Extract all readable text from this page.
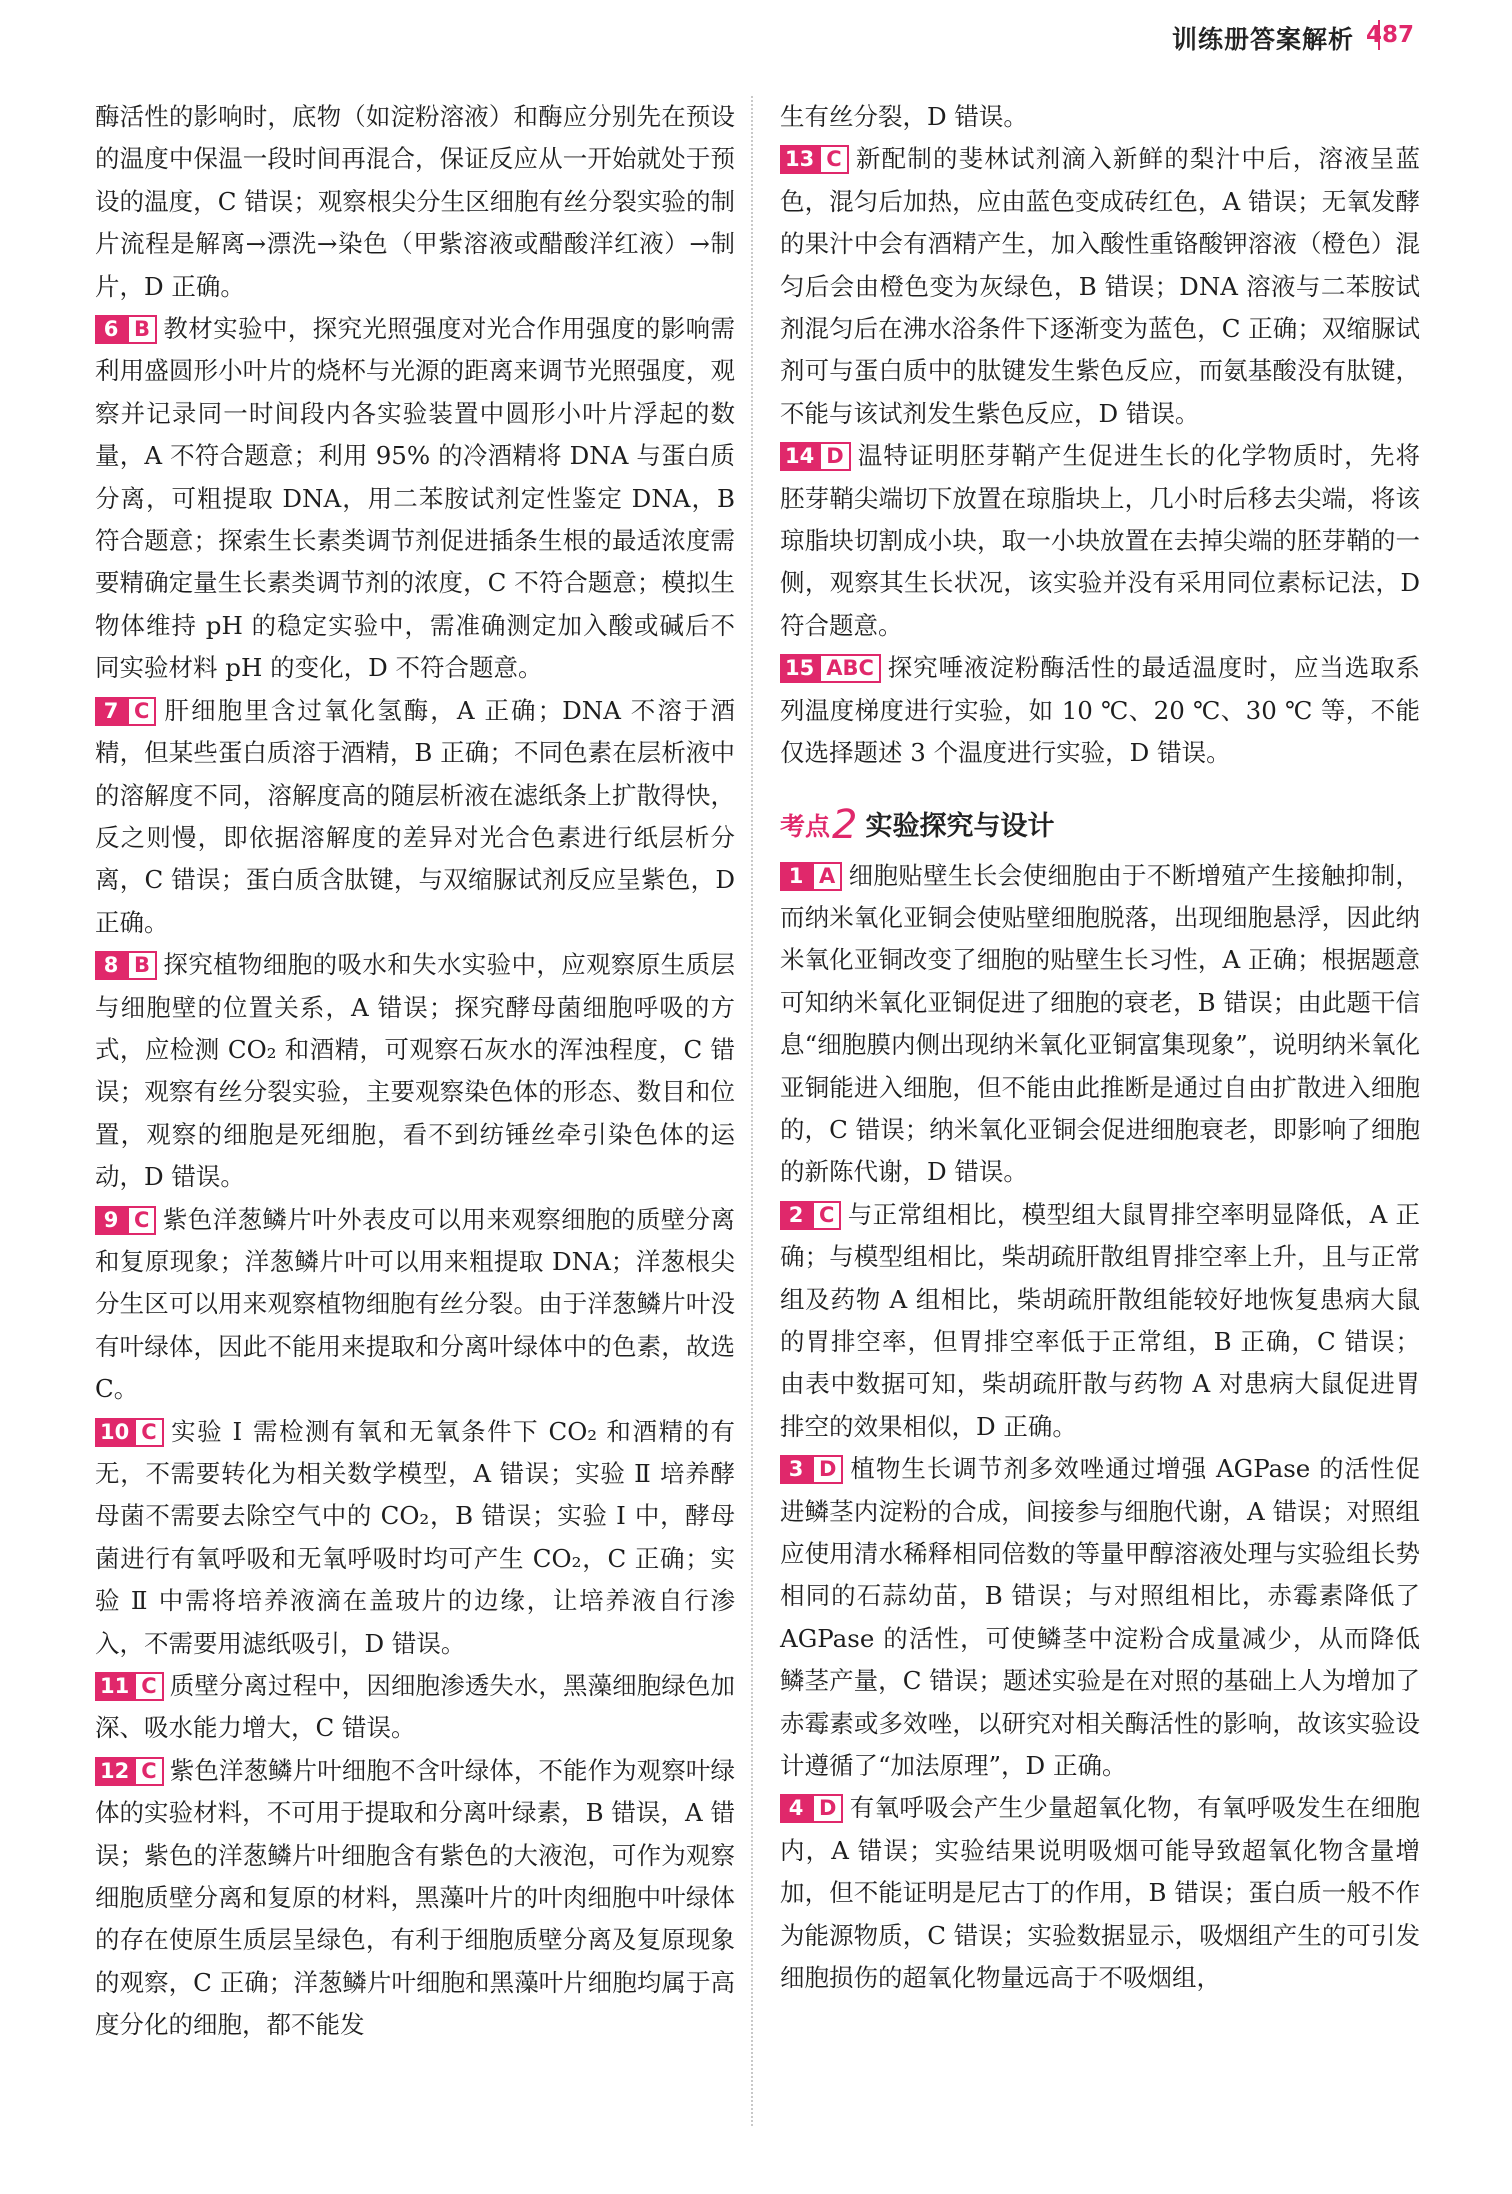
训练册答案解析 487

酶活性的影响时，底物（如淀粉溶液）和酶应分别先在预设的温度中保温一段时间再混合，保证反应从一开始就处于预设的温度，C 错误；观察根尖分生区细胞有丝分裂实验的制片流程是解离→漂洗→染色（甲紫溶液或醋酸洋红液）→制片，D 正确。

6 B 教材实验中，探究光照强度对光合作用强度的影响需利用盛圆形小叶片的烧杯与光源的距离来调节光照强度，观察并记录同一时间段内各实验装置中圆形小叶片浮起的数量，A 不符合题意；利用 95% 的冷酒精将 DNA 与蛋白质分离，可粗提取 DNA，用二苯胺试剂定性鉴定 DNA，B 符合题意；探索生长素类调节剂促进插条生根的最适浓度需要精确定量生长素类调节剂的浓度，C 不符合题意；模拟生物体维持 pH 的稳定实验中，需准确测定加入酸或碱后不同实验材料 pH 的变化，D 不符合题意。

7 C 肝细胞里含过氧化氢酶，A 正确；DNA 不溶于酒精，但某些蛋白质溶于酒精，B 正确；不同色素在层析液中的溶解度不同，溶解度高的随层析液在滤纸条上扩散得快，反之则慢，即依据溶解度的差异对光合色素进行纸层析分离，C 错误；蛋白质含肽键，与双缩脲试剂反应呈紫色，D 正确。

8 B 探究植物细胞的吸水和失水实验中，应观察原生质层与细胞壁的位置关系，A 错误；探究酵母菌细胞呼吸的方式，应检测 CO₂ 和酒精，可观察石灰水的浑浊程度，C 错误；观察有丝分裂实验，主要观察染色体的形态、数目和位置，观察的细胞是死细胞，看不到纺锤丝牵引染色体的运动，D 错误。

9 C 紫色洋葱鳞片叶外表皮可以用来观察细胞的质壁分离和复原现象；洋葱鳞片叶可以用来粗提取 DNA；洋葱根尖分生区可以用来观察植物细胞有丝分裂。由于洋葱鳞片叶没有叶绿体，因此不能用来提取和分离叶绿体中的色素，故选 C。

10 C 实验 Ⅰ 需检测有氧和无氧条件下 CO₂ 和酒精的有无，不需要转化为相关数学模型，A 错误；实验 Ⅱ 培养酵母菌不需要去除空气中的 CO₂，B 错误；实验 Ⅰ 中，酵母菌进行有氧呼吸和无氧呼吸时均可产生 CO₂，C 正确；实验 Ⅱ 中需将培养液滴在盖玻片的边缘，让培养液自行渗入，不需要用滤纸吸引，D 错误。

11 C 质壁分离过程中，因细胞渗透失水，黑藻细胞绿色加深、吸水能力增大，C 错误。

12 C 紫色洋葱鳞片叶细胞不含叶绿体，不能作为观察叶绿体的实验材料，不可用于提取和分离叶绿素，B 错误，A 错误；紫色的洋葱鳞片叶细胞含有紫色的大液泡，可作为观察细胞质壁分离和复原的材料，黑藻叶片的叶肉细胞中叶绿体的存在使原生质层呈绿色，有利于细胞质壁分离及复原现象的观察，C 正确；洋葱鳞片叶细胞和黑藻叶片细胞均属于高度分化的细胞，都不能发

生有丝分裂，D 错误。

13 C 新配制的斐林试剂滴入新鲜的梨汁中后，溶液呈蓝色，混匀后加热，应由蓝色变成砖红色，A 错误；无氧发酵的果汁中会有酒精产生，加入酸性重铬酸钾溶液（橙色）混匀后会由橙色变为灰绿色，B 错误；DNA 溶液与二苯胺试剂混匀后在沸水浴条件下逐渐变为蓝色，C 正确；双缩脲试剂可与蛋白质中的肽键发生紫色反应，而氨基酸没有肽键，不能与该试剂发生紫色反应，D 错误。

14 D 温特证明胚芽鞘产生促进生长的化学物质时，先将胚芽鞘尖端切下放置在琼脂块上，几小时后移去尖端，将该琼脂块切割成小块，取一小块放置在去掉尖端的胚芽鞘的一侧，观察其生长状况，该实验并没有采用同位素标记法，D 符合题意。

15 ABC 探究唾液淀粉酶活性的最适温度时，应当选取系列温度梯度进行实验，如 10 ℃、20 ℃、30 ℃ 等，不能仅选择题述 3 个温度进行实验，D 错误。

考点2 实验探究与设计

1 A 细胞贴壁生长会使细胞由于不断增殖产生接触抑制，而纳米氧化亚铜会使贴壁细胞脱落，出现细胞悬浮，因此纳米氧化亚铜改变了细胞的贴壁生长习性，A 正确；根据题意可知纳米氧化亚铜促进了细胞的衰老，B 错误；由此题干信息“细胞膜内侧出现纳米氧化亚铜富集现象”，说明纳米氧化亚铜能进入细胞，但不能由此推断是通过自由扩散进入细胞的，C 错误；纳米氧化亚铜会促进细胞衰老，即影响了细胞的新陈代谢，D 错误。

2 C 与正常组相比，模型组大鼠胃排空率明显降低，A 正确；与模型组相比，柴胡疏肝散组胃排空率上升，且与正常组及药物 A 组相比，柴胡疏肝散组能较好地恢复患病大鼠的胃排空率，但胃排空率低于正常组，B 正确，C 错误；由表中数据可知，柴胡疏肝散与药物 A 对患病大鼠促进胃排空的效果相似，D 正确。

3 D 植物生长调节剂多效唑通过增强 AGPase 的活性促进鳞茎内淀粉的合成，间接参与细胞代谢，A 错误；对照组应使用清水稀释相同倍数的等量甲醇溶液处理与实验组长势相同的石蒜幼苗，B 错误；与对照组相比，赤霉素降低了 AGPase 的活性，可使鳞茎中淀粉合成量减少，从而降低鳞茎产量，C 错误；题述实验是在对照的基础上人为增加了赤霉素或多效唑，以研究对相关酶活性的影响，故该实验设计遵循了“加法原理”，D 正确。

4 D 有氧呼吸会产生少量超氧化物，有氧呼吸发生在细胞内，A 错误；实验结果说明吸烟可能导致超氧化物含量增加，但不能证明是尼古丁的作用，B 错误；蛋白质一般不作为能源物质，C 错误；实验数据显示，吸烟组产生的可引发细胞损伤的超氧化物量远高于不吸烟组，
